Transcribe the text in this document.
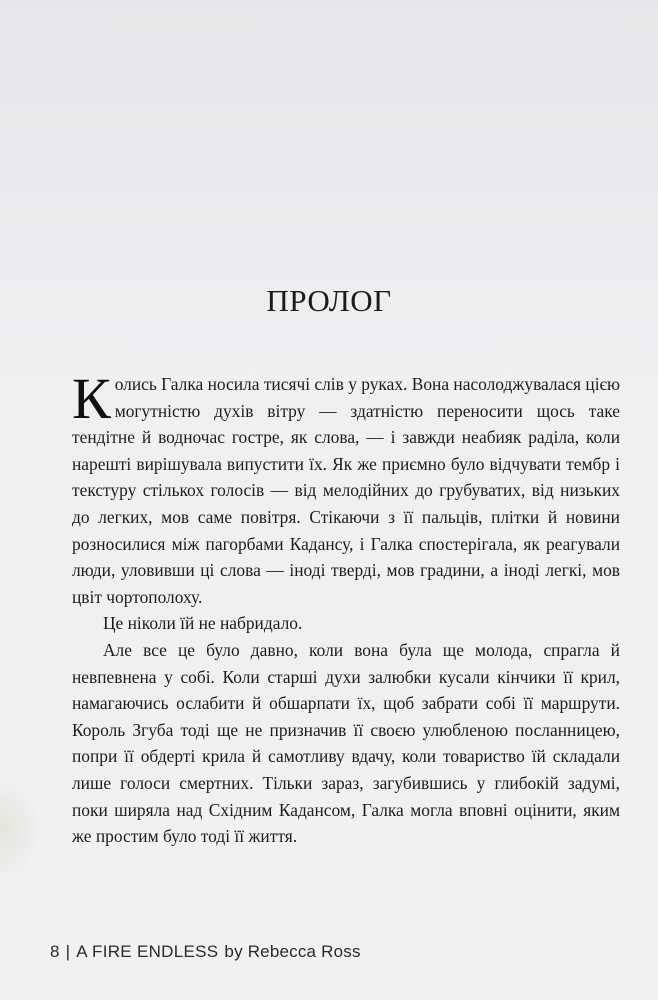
ПРОЛОГ

Колись Галка носила тисячі слів у руках. Вона насолоджувалася цією могутністю духів вітру — здатністю переносити щось таке тендітне й водночас гостре, як слова, — і завжди неабияк раділа, коли нарешті вирішувала випустити їх. Як же приємно було відчувати тембр і текстуру стількох голосів — від мелодійних до грубуватих, від низьких до легких, мов саме повітря. Стікаючи з її пальців, плітки й новини розносилися між пагорбами Кадансу, і Галка спостерігала, як реагували люди, уловивши ці слова — іноді тверді, мов градини, а іноді легкі, мов цвіт чортополоху.

Це ніколи їй не набридало.

Але все це було давно, коли вона була ще молода, спрагла й невпевнена у собі. Коли старші духи залюбки кусали кінчики її крил, намагаючись ослабити й обшарпати їх, щоб забрати собі її маршрути. Король Згуба тоді ще не призначив її своєю улюбленою посланницею, попри її обдерті крила й самотливу вдачу, коли товариство їй складали лише голоси смертних. Тільки зараз, загубившись у глибокій задумі, поки ширяла над Східним Кадансом, Галка могла вповні оцінити, яким же простим було тоді її життя.

8 | A FIRE ENDLESS by Rebecca Ross
